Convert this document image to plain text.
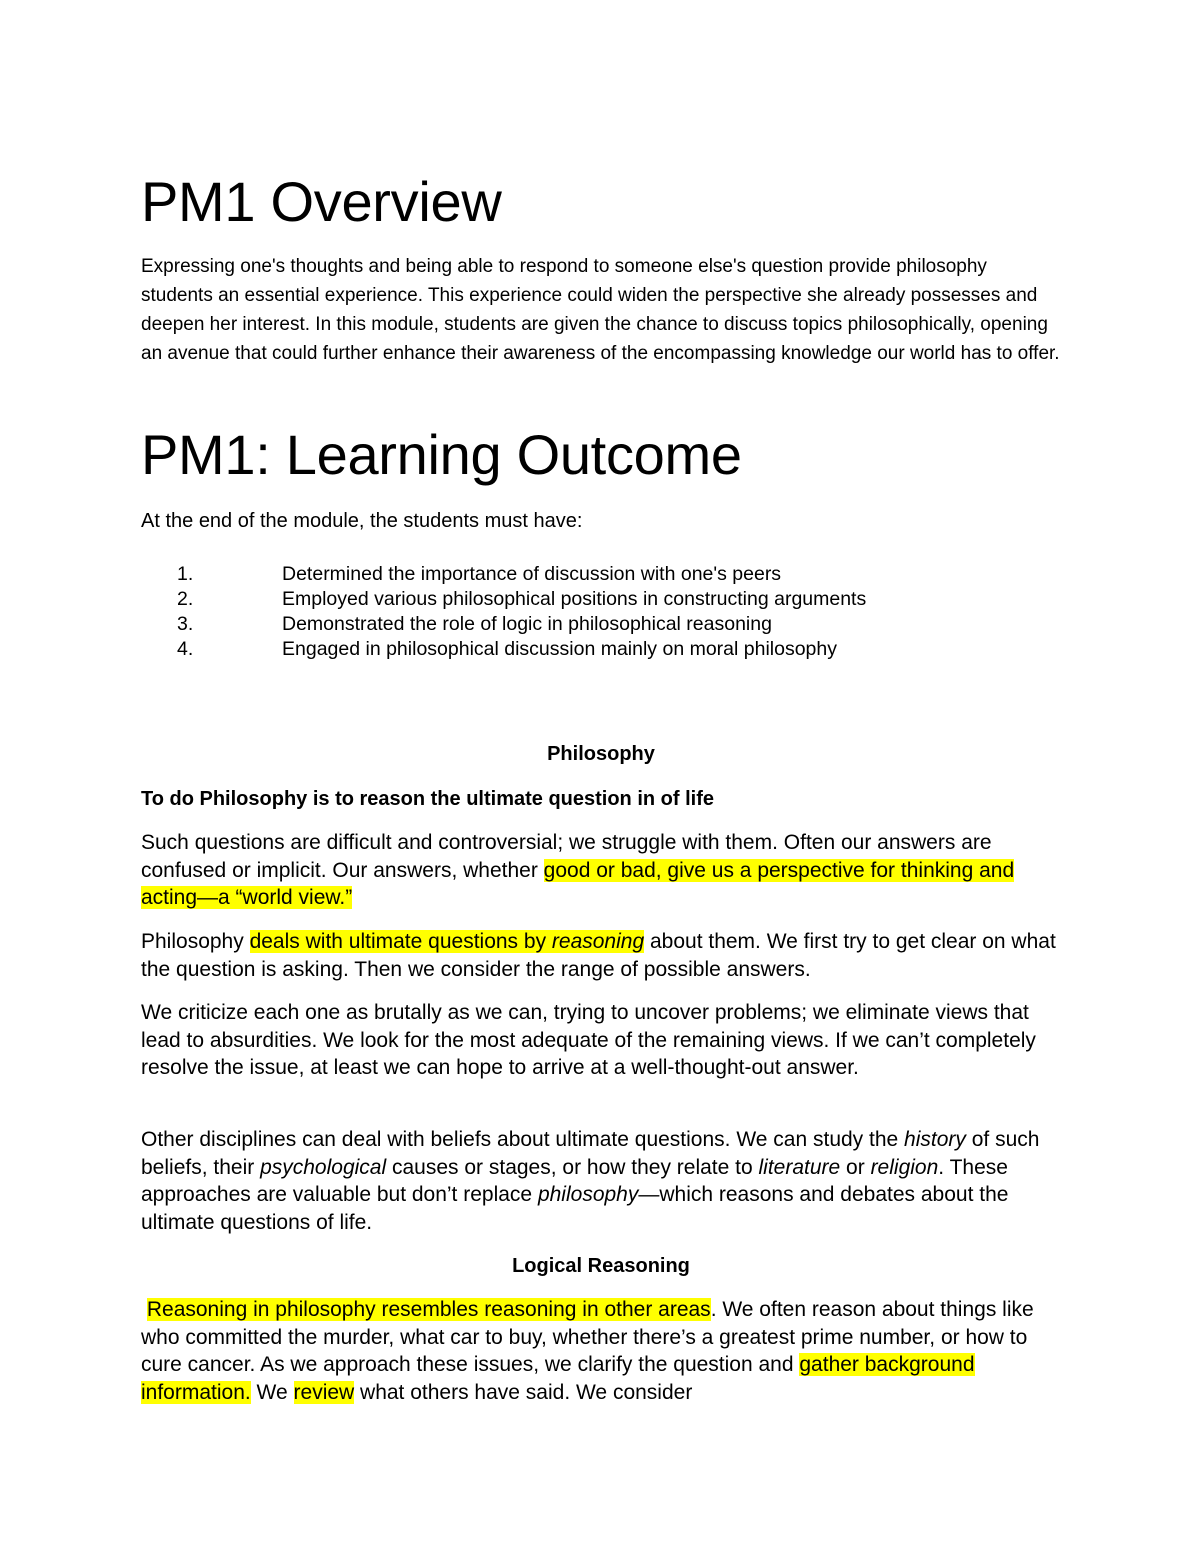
PM1 Overview

Expressing one's thoughts and being able to respond to someone else's question provide philosophy students an essential experience. This experience could widen the perspective she already possesses and deepen her interest. In this module, students are given the chance to discuss topics philosophically, opening an avenue that could further enhance their awareness of the encompassing knowledge our world has to offer.

PM1: Learning Outcome

At the end of the module, the students must have:

1.	Determined the importance of discussion with one's peers
2.	Employed various philosophical positions in constructing arguments
3.	Demonstrated the role of logic in philosophical reasoning
4.	Engaged in philosophical discussion mainly on moral philosophy
Philosophy

To do Philosophy is to reason the ultimate question in of life

Such questions are difficult and controversial; we struggle with them. Often our answers are confused or implicit. Our answers, whether good or bad, give us a perspective for thinking and acting—a “world view.”

Philosophy deals with ultimate questions by reasoning about them. We first try to get clear on what the question is asking. Then we consider the range of possible answers.

We criticize each one as brutally as we can, trying to uncover problems; we eliminate views that lead to absurdities. We look for the most adequate of the remaining views. If we can’t completely resolve the issue, at least we can hope to arrive at a well-thought-out answer.

Other disciplines can deal with beliefs about ultimate questions. We can study the history of such beliefs, their psychological causes or stages, or how they relate to literature or religion. These approaches are valuable but don’t replace philosophy—which reasons and debates about the ultimate questions of life.

Logical Reasoning

Reasoning in philosophy resembles reasoning in other areas. We often reason about things like who committed the murder, what car to buy, whether there’s a greatest prime number, or how to cure cancer. As we approach these issues, we clarify the question and gather background information. We review what others have said. We consider
